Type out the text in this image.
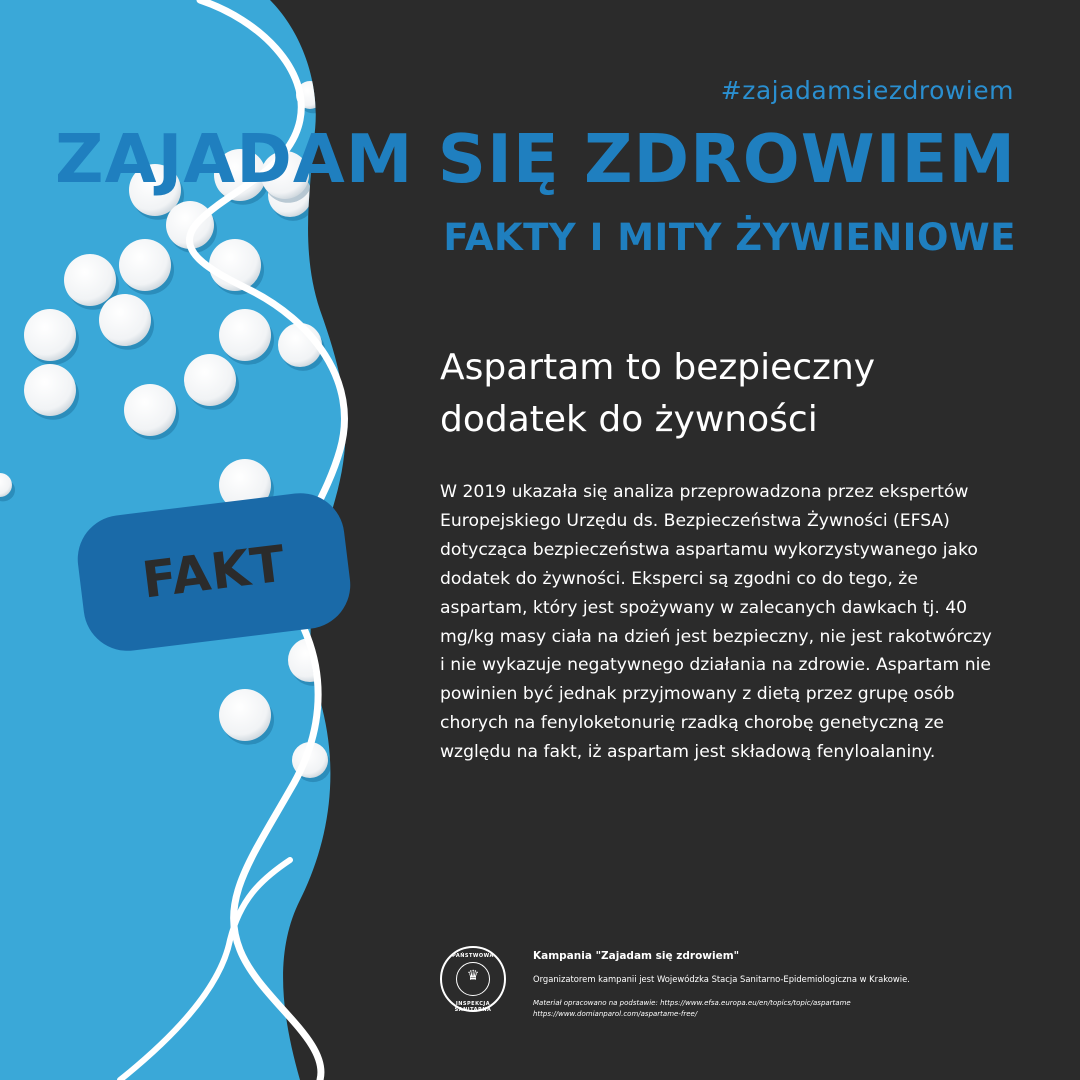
FAKT
#zajadamsiezdrowiem
ZAJADAM SIĘ ZDROWIEM
FAKTY I MITY ŻYWIENIOWE

Aspartam to bezpieczny dodatek do żywności

W 2019 ukazała się analiza przeprowadzona przez ekspertów Europejskiego Urzędu ds. Bezpieczeństwa Żywności (EFSA) dotycząca bezpieczeństwa aspartamu wykorzystywanego jako dodatek do żywności. Eksperci są zgodni co do tego, że aspartam, który jest spożywany w zalecanych dawkach tj. 40 mg/kg masy ciała na dzień jest bezpieczny, nie jest rakotwórczy i nie wykazuje negatywnego działania na zdrowie. Aspartam nie powinien być jednak przyjmowany z dietą przez grupę osób chorych na fenyloketonurię rzadką chorobę genetyczną ze względu na fakt, iż aspartam jest składową fenyloalaniny.

PAŃSTWOWA
♛
INSPEKCJA SANITARNA
Kampania "Zajadam się zdrowiem"
Organizatorem kampanii jest Wojewódzka Stacja Sanitarno-Epidemiologiczna w Krakowie.
Materiał opracowano na podstawie: https://www.efsa.europa.eu/en/topics/topic/aspartame
https://www.domianparol.com/aspartame-free/
